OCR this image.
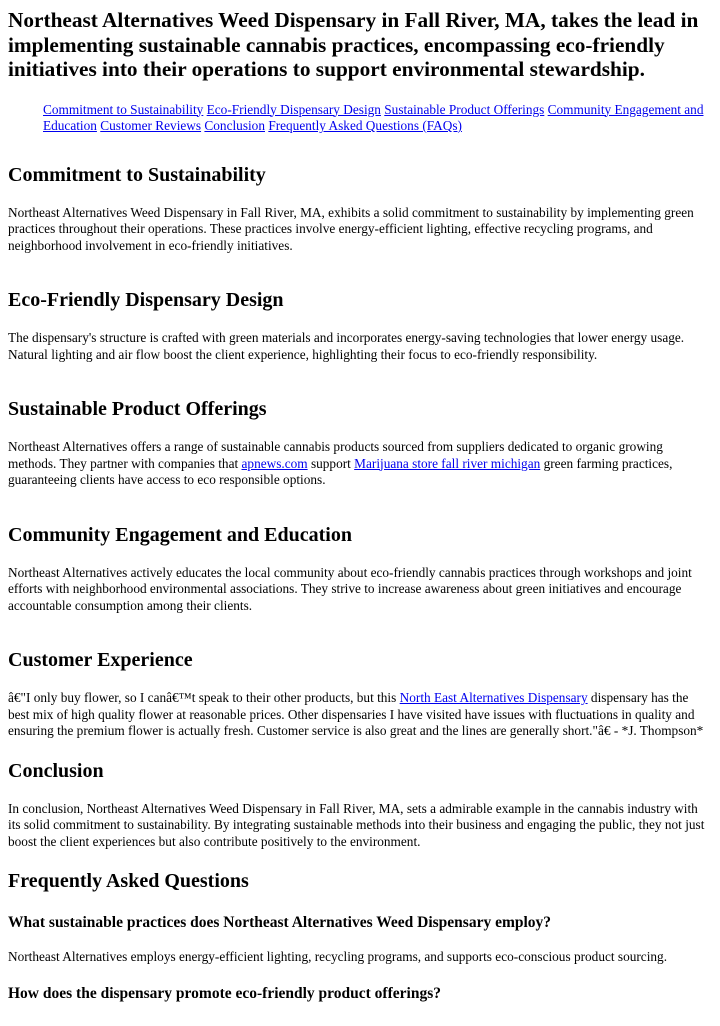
Northeast Alternatives Weed Dispensary in Fall River, MA, takes the lead in implementing sustainable cannabis practices, encompassing eco-friendly initiatives into their operations to support environmental stewardship.
Commitment to Sustainability Eco-Friendly Dispensary Design Sustainable Product Offerings Community Engagement and Education Customer Reviews Conclusion Frequently Asked Questions (FAQs)
Commitment to Sustainability

Northeast Alternatives Weed Dispensary in Fall River, MA, exhibits a solid commitment to sustainability by implementing green practices throughout their operations. These practices involve energy-efficient lighting, effective recycling programs, and neighborhood involvement in eco-friendly initiatives.

Eco-Friendly Dispensary Design

The dispensary's structure is crafted with green materials and incorporates energy-saving technologies that lower energy usage. Natural lighting and air flow boost the client experience, highlighting their focus to eco-friendly responsibility.

Sustainable Product Offerings

Northeast Alternatives offers a range of sustainable cannabis products sourced from suppliers dedicated to organic growing methods. They partner with companies that apnews.com support Marijuana store fall river michigan green farming practices, guaranteeing clients have access to eco responsible options.

Community Engagement and Education

Northeast Alternatives actively educates the local community about eco-friendly cannabis practices through workshops and joint efforts with neighborhood environmental associations. They strive to increase awareness about green initiatives and encourage accountable consumption among their clients.

Customer Experience

â€"I only buy flower, so I canâ€™t speak to their other products, but this North East Alternatives Dispensary dispensary has the best mix of high quality flower at reasonable prices. Other dispensaries I have visited have issues with fluctuations in quality and ensuring the premium flower is actually fresh. Customer service is also great and the lines are generally short."â€ - *J. Thompson*

Conclusion

In conclusion, Northeast Alternatives Weed Dispensary in Fall River, MA, sets a admirable example in the cannabis industry with its solid commitment to sustainability. By integrating sustainable methods into their business and engaging the public, they not just boost the client experiences but also contribute positively to the environment.

Frequently Asked Questions
What sustainable practices does Northeast Alternatives Weed Dispensary employ?

Northeast Alternatives employs energy-efficient lighting, recycling programs, and supports eco-conscious product sourcing.

How does the dispensary promote eco-friendly product offerings?
